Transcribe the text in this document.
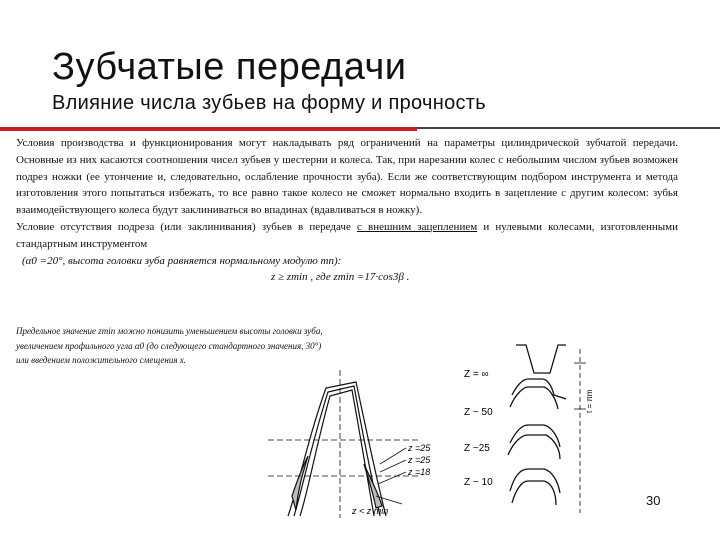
Зубчатые передачи
Влияние числа зубьев на форму и прочность

Условия производства и функционирования могут накладывать ряд ограничений на параметры цилиндрической зубчатой передачи. Основные из них касаются соотношения чисел зубьев у шестерни и колеса. Так, при нарезании колес с небольшим числом зубьев возможен подрез ножки (ее утончение и, следовательно, ослабление прочности зуба). Если же соответствующим подбором инструмента и метода изготовления этого попытаться избежать, то все равно такое колесо не сможет нормально входить в зацепление с другим колесом: зубья взаимодействующего колеса будут заклиниваться во впадинах (вдавливаться в ножку).

Условие отсутствия подреза (или заклинивания) зубьев в передаче с внешним зацеплением и нулевыми колесами, изготовленными стандартным инструментом

(α0 =20°, высота головки зуба равняется нормальному модулю mn):

z ≥ zmin , где zmin =17·cos3β .

Предельное значение zmin можно понизить уменьшением высоты головки зуба,
увеличением профильного угла α0 (до следующего стандартного значения, 30°)
или введением положительного смещения x.
z =25
z =25
z =18
z < z min
Z = ∞
Z ~ 50
Z ~25
Z ~ 10
t = πm
30
